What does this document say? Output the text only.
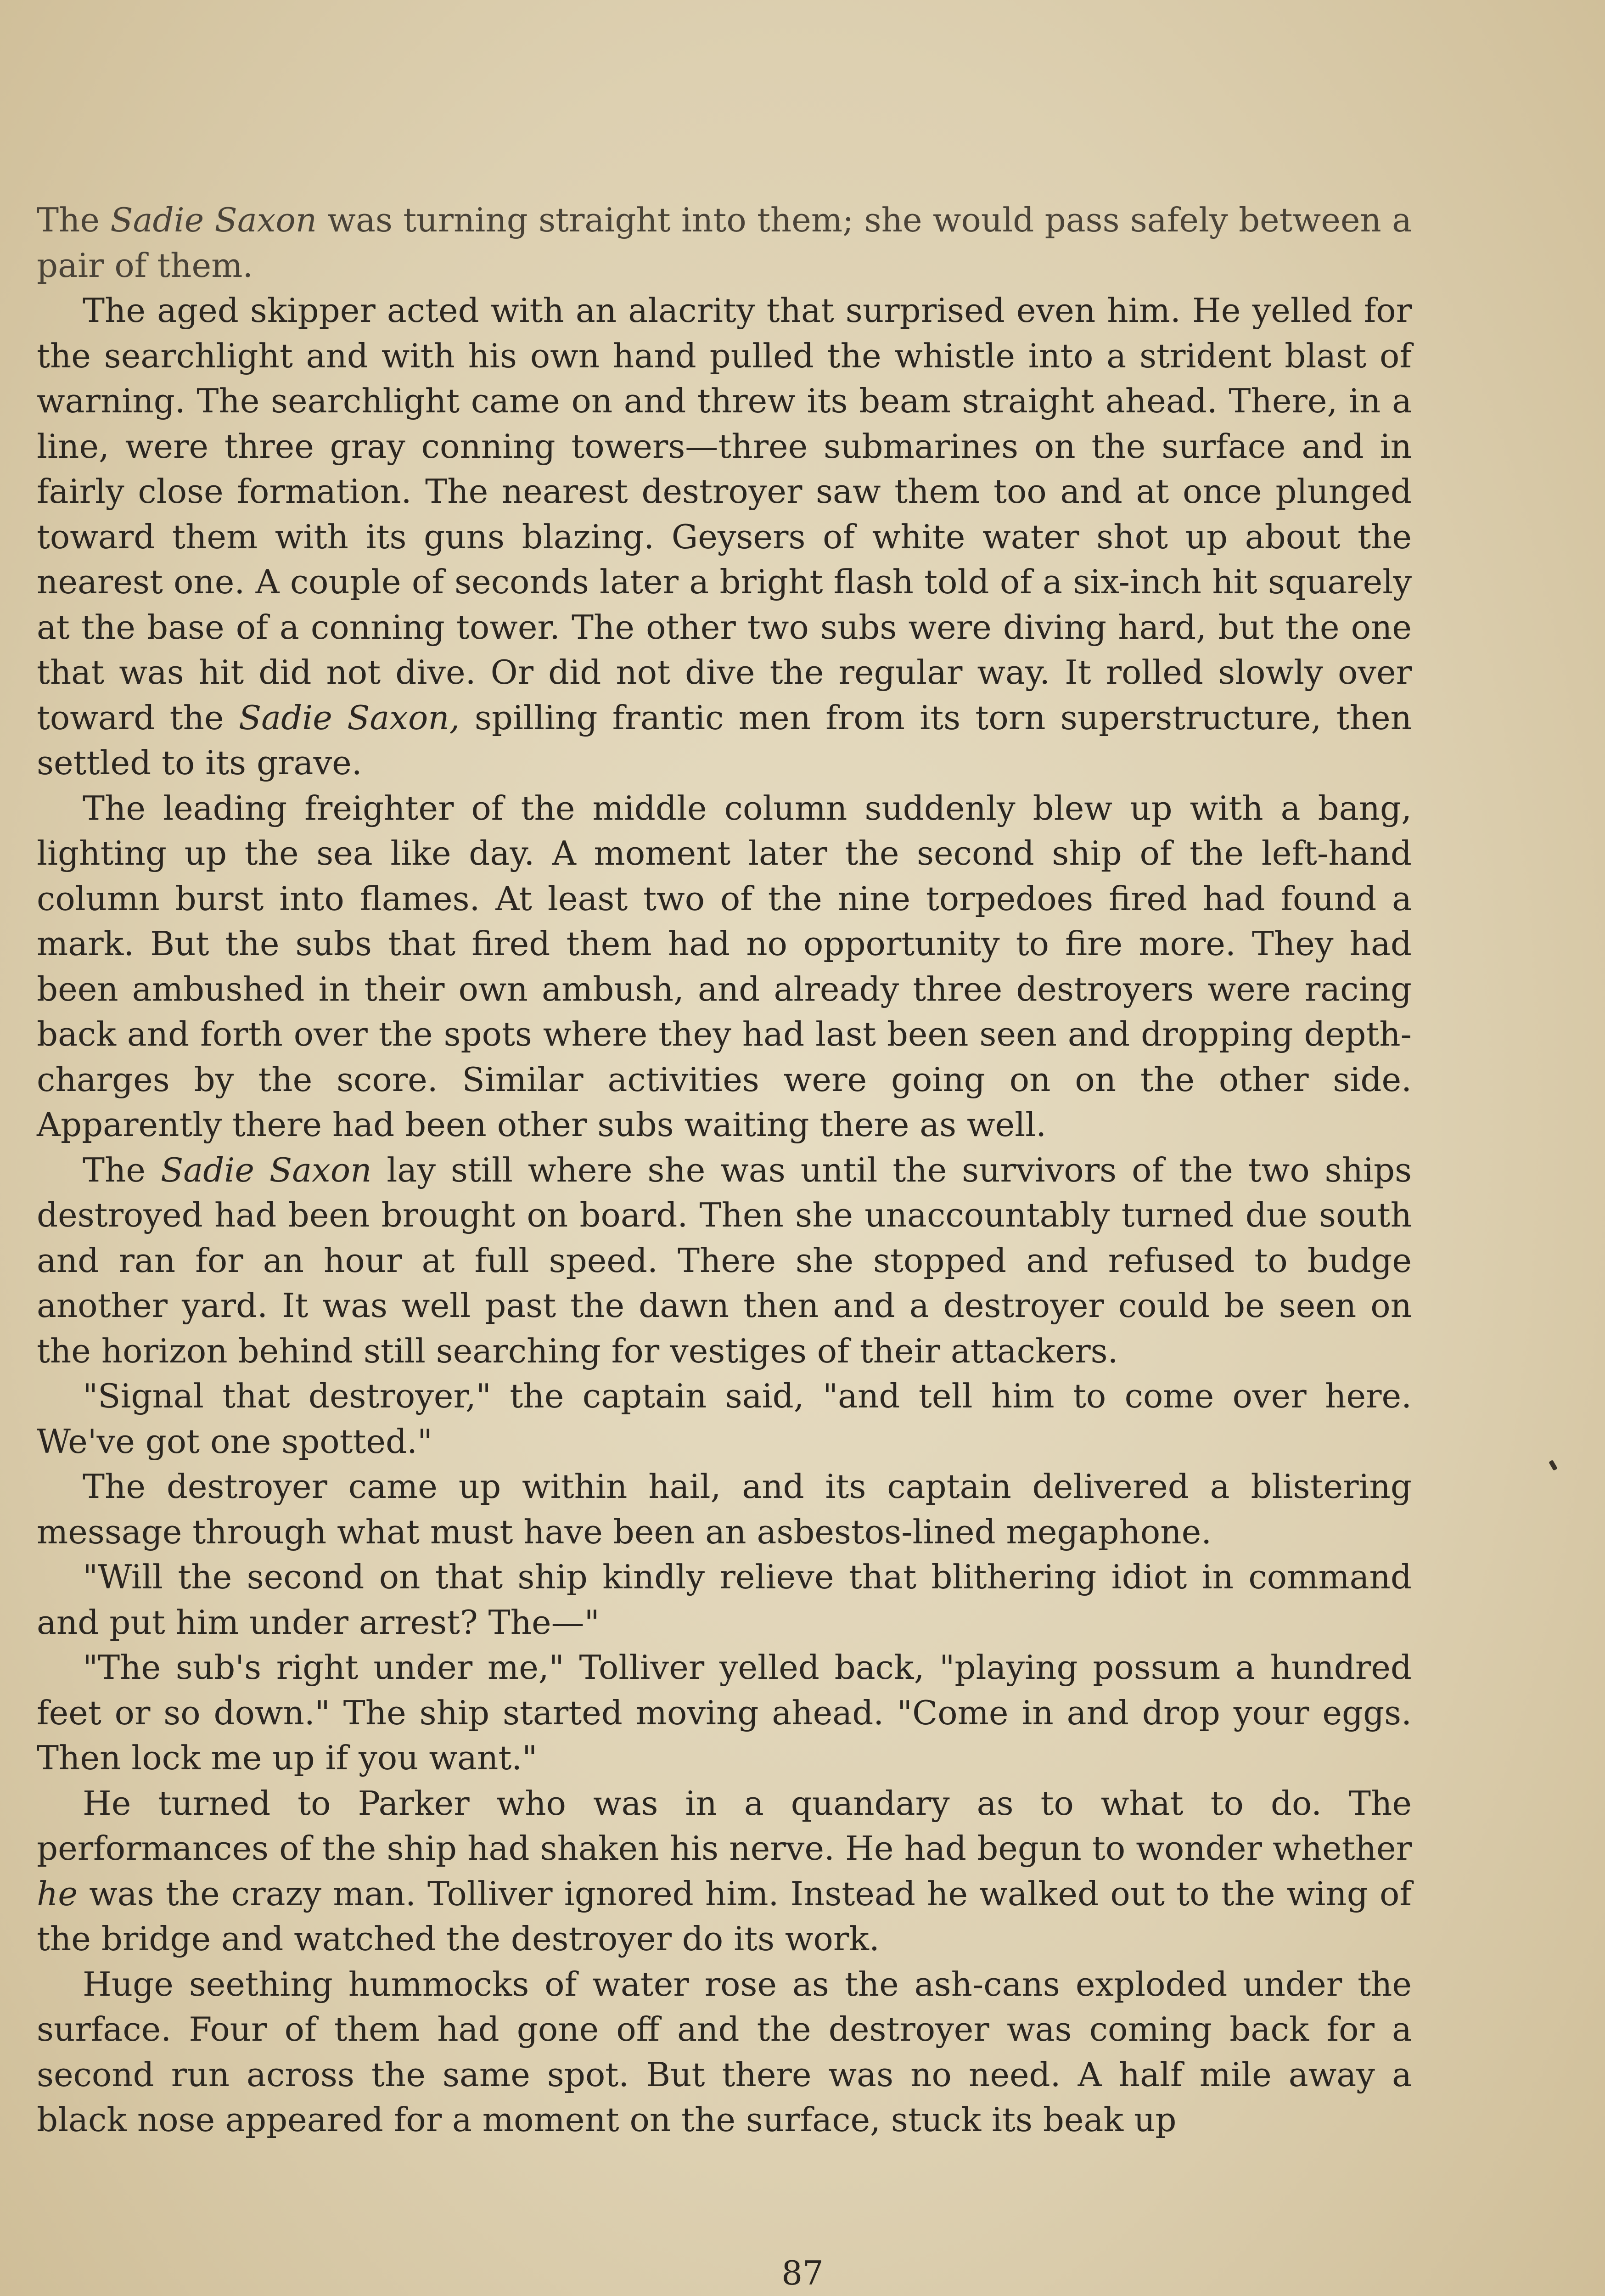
The Sadie Saxon was turning straight into them; she would pass safely between a pair of them.

The aged skipper acted with an alacrity that surprised even him. He yelled for the searchlight and with his own hand pulled the whistle into a strident blast of warning. The searchlight came on and threw its beam straight ahead. There, in a line, were three gray conning towers—three submarines on the surface and in fairly close formation. The nearest destroyer saw them too and at once plunged toward them with its guns blazing. Geysers of white water shot up about the nearest one. A couple of seconds later a bright flash told of a six-inch hit squarely at the base of a conning tower. The other two subs were diving hard, but the one that was hit did not dive. Or did not dive the regular way. It rolled slowly over toward the Sadie Saxon, spilling frantic men from its torn superstructure, then settled to its grave.

The leading freighter of the middle column suddenly blew up with a bang, lighting up the sea like day. A moment later the second ship of the left-hand column burst into flames. At least two of the nine torpedoes fired had found a mark. But the subs that fired them had no opportunity to fire more. They had been ambushed in their own ambush, and already three destroyers were racing back and forth over the spots where they had last been seen and dropping depth-charges by the score. Similar activities were going on on the other side. Apparently there had been other subs waiting there as well.

The Sadie Saxon lay still where she was until the survivors of the two ships destroyed had been brought on board. Then she unaccountably turned due south and ran for an hour at full speed. There she stopped and refused to budge another yard. It was well past the dawn then and a destroyer could be seen on the horizon behind still searching for vestiges of their attackers.

"Signal that destroyer," the captain said, "and tell him to come over here. We've got one spotted."

The destroyer came up within hail, and its captain delivered a blistering message through what must have been an asbestos-lined megaphone.

"Will the second on that ship kindly relieve that blithering idiot in command and put him under arrest? The—"

"The sub's right under me," Tolliver yelled back, "playing possum a hundred feet or so down." The ship started moving ahead. "Come in and drop your eggs. Then lock me up if you want."

He turned to Parker who was in a quandary as to what to do. The performances of the ship had shaken his nerve. He had begun to wonder whether he was the crazy man. Tolliver ignored him. Instead he walked out to the wing of the bridge and watched the destroyer do its work.

Huge seething hummocks of water rose as the ash-cans exploded under the surface. Four of them had gone off and the destroyer was coming back for a second run across the same spot. But there was no need. A half mile away a black nose appeared for a moment on the surface, stuck its beak up

87
